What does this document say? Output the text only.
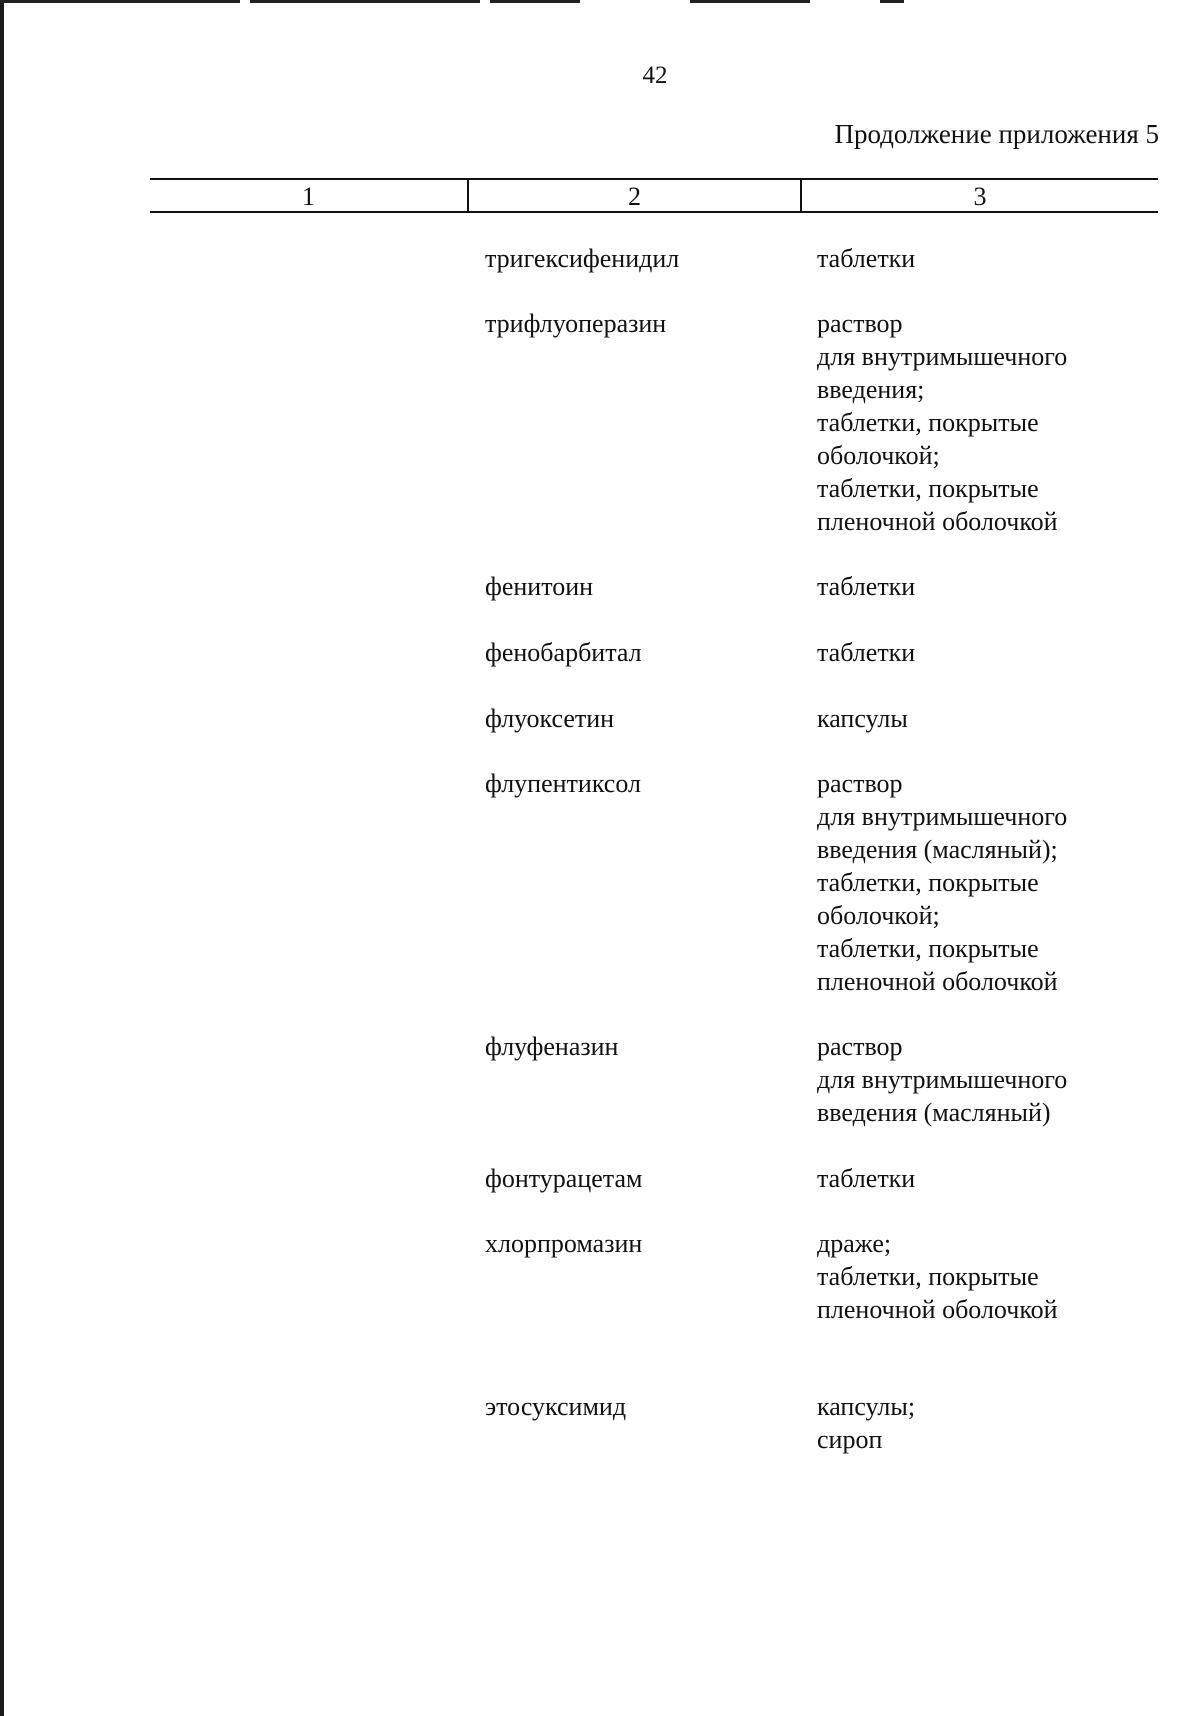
42
Продолжение приложения 5
1	2	3
тригексифенидил	таблетки
трифлуоперазин	раствор
для внутримышечного
введения;
таблетки, покрытые
оболочкой;
таблетки, покрытые
пленочной оболочкой
фенитоин	таблетки
фенобарбитал	таблетки
флуоксетин	капсулы
флупентиксол	раствор
для внутримышечного
введения (масляный);
таблетки, покрытые
оболочкой;
таблетки, покрытые
пленочной оболочкой
флуфеназин	раствор
для внутримышечного
введения (масляный)
фонтурацетам	таблетки
хлорпромазин	драже;
таблетки, покрытые
пленочной оболочкой
этосуксимид	капсулы;
сироп
